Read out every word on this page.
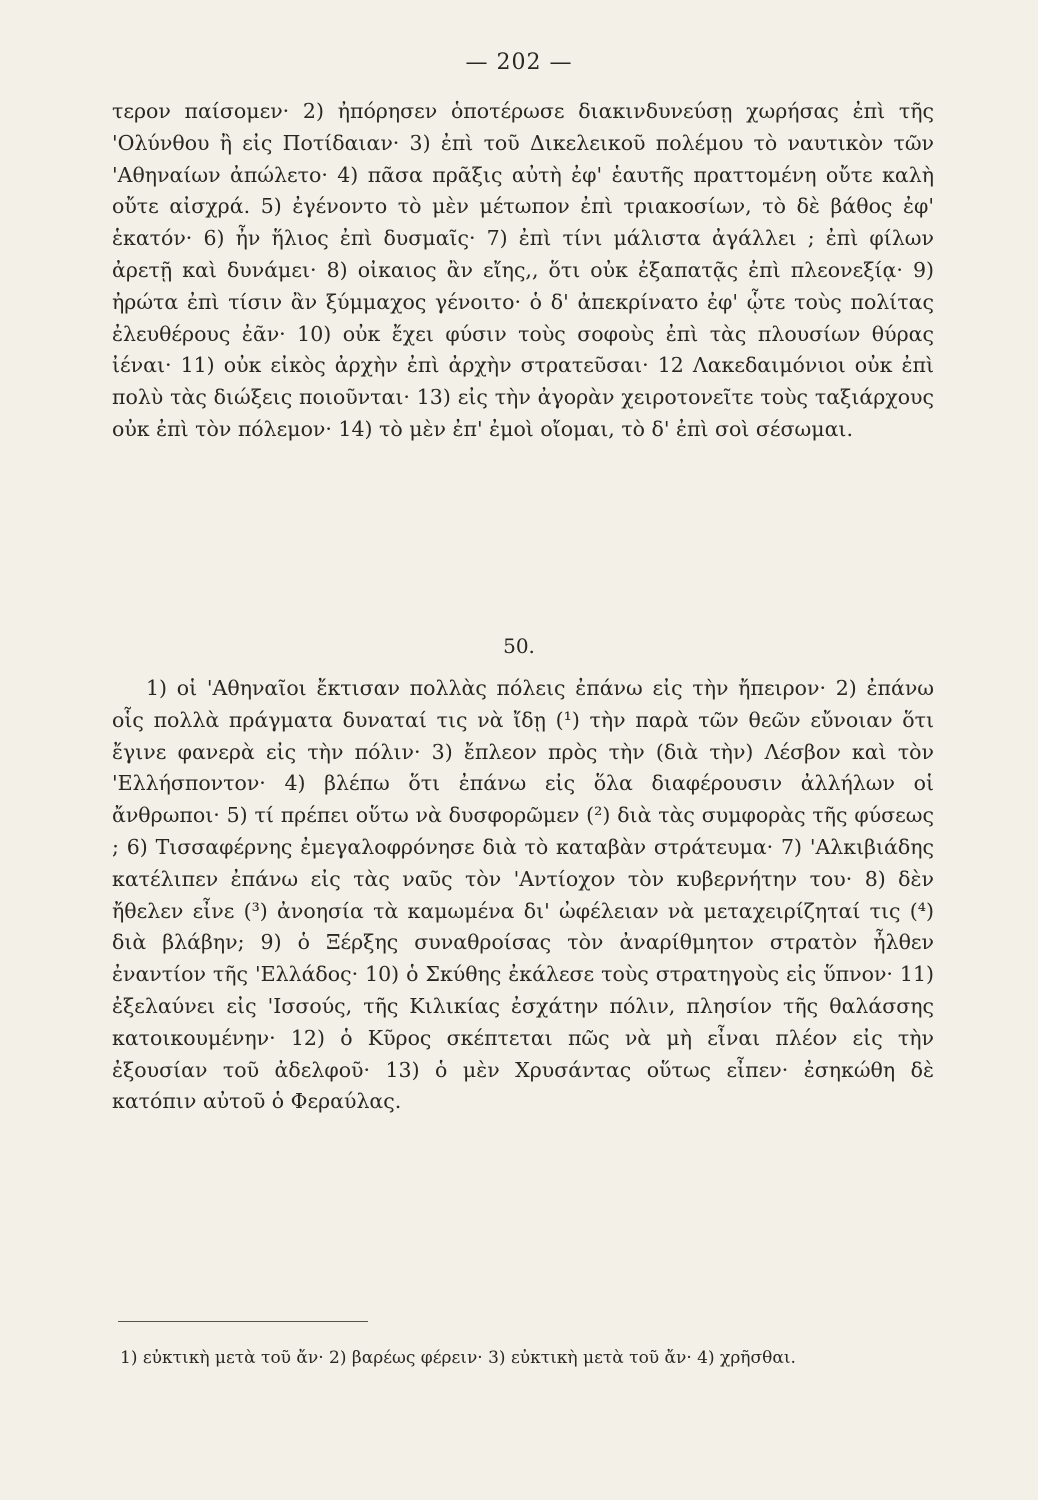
— 202 —

τερον παίσομεν· 2) ἠπόρησεν ὁποτέρωσε διακινδυνεύσῃ χωρήσας ἐπὶ τῆς 'Ολύνθου ἢ εἰς Ποτίδαιαν· 3) ἐπὶ τοῦ Δικελεικοῦ πολέμου τὸ ναυτικὸν τῶν 'Αθηναίων ἀπώλετο· 4) πᾶσα πρᾶξις αὐτὴ ἐφ' ἑαυτῆς πραττομένη οὔτε καλὴ οὔτε αἰσχρά. 5) ἐγένοντο τὸ μὲν μέτωπον ἐπὶ τριακοσίων, τὸ δὲ βάθος ἐφ' ἑκατόν· 6) ἦν ἥλιος ἐπὶ δυσμαῖς· 7) ἐπὶ τίνι μάλιστα ἀγάλλει ; ἐπὶ φίλων ἀρετῇ καὶ δυνάμει· 8) οἰκαιος ἂν εἴης,, ὅτι οὐκ ἐξαπατᾷς ἐπὶ πλεονεξίᾳ· 9) ἠρώτα ἐπὶ τίσιν ἂν ξύμμαχος γένοιτο· ὁ δ' ἀπεκρίνατο ἐφ' ᾧτε τοὺς πολίτας ἐλευθέρους ἐᾶν· 10) οὐκ ἔχει φύσιν τοὺς σοφοὺς ἐπὶ τὰς πλουσίων θύρας ἰέναι· 11) οὐκ εἰκὸς ἀρχὴν ἐπὶ ἀρχὴν στρατεῦσαι· 12 Λακεδαιμόνιοι οὐκ ἐπὶ πολὺ τὰς διώξεις ποιοῦνται· 13) εἰς τὴν ἀγορὰν χειροτονεῖτε τοὺς ταξιάρχους οὐκ ἐπὶ τὸν πόλεμον· 14) τὸ μὲν ἐπ' ἐμοὶ οἴομαι, τὸ δ' ἐπὶ σοὶ σέσωμαι.

50.

1) οἱ 'Αθηναῖοι ἔκτισαν πολλὰς πόλεις ἐπάνω εἰς τὴν ἤπειρον· 2) ἐπάνω οἷς πολλὰ πράγματα δυναταί τις νὰ ἴδῃ (¹) τὴν παρὰ τῶν θεῶν εὔνοιαν ὅτι ἔγινε φανερὰ εἰς τὴν πόλιν· 3) ἔπλεον πρὸς τὴν (διὰ τὴν) Λέσβον καὶ τὸν 'Ελλήσποντον· 4) βλέπω ὅτι ἐπάνω εἰς ὅλα διαφέρουσιν ἀλλήλων οἱ ἄνθρωποι· 5) τί πρέπει οὕτω νὰ δυσφορῶμεν (²) διὰ τὰς συμφορὰς τῆς φύσεως ; 6) Τισσαφέρνης ἐμεγαλοφρόνησε διὰ τὸ καταβὰν στράτευμα· 7) 'Αλκιβιάδης κατέλιπεν ἐπάνω εἰς τὰς ναῦς τὸν 'Αντίοχον τὸν κυβερνήτην του· 8) δὲν ἤθελεν εἶνε (³) ἀνοησία τὰ καμωμένα δι' ὠφέλειαν νὰ μεταχειρίζηταί τις (⁴) διὰ βλάβην; 9) ὁ Ξέρξης συναθροίσας τὸν ἀναρίθμητον στρατὸν ἦλθεν ἐναντίον τῆς 'Ελλάδος· 10) ὁ Σκύθης ἐκάλεσε τοὺς στρατηγοὺς εἰς ὕπνον· 11) ἐξελαύνει εἰς 'Ισσούς, τῆς Κιλικίας ἐσχάτην πόλιν, πλησίον τῆς θαλάσσης κατοικουμένην· 12) ὁ Κῦρος σκέπτεται πῶς νὰ μὴ εἶναι πλέον εἰς τὴν ἐξουσίαν τοῦ ἀδελφοῦ· 13) ὁ μὲν Χρυσάντας οὕτως εἶπεν· ἐσηκώθη δὲ κατόπιν αὐτοῦ ὁ Φεραύλας.

1) εὐκτικὴ μετὰ τοῦ ἄν· 2) βαρέως φέρειν· 3) εὐκτικὴ μετὰ τοῦ ἄν· 4) χρῆσθαι.
